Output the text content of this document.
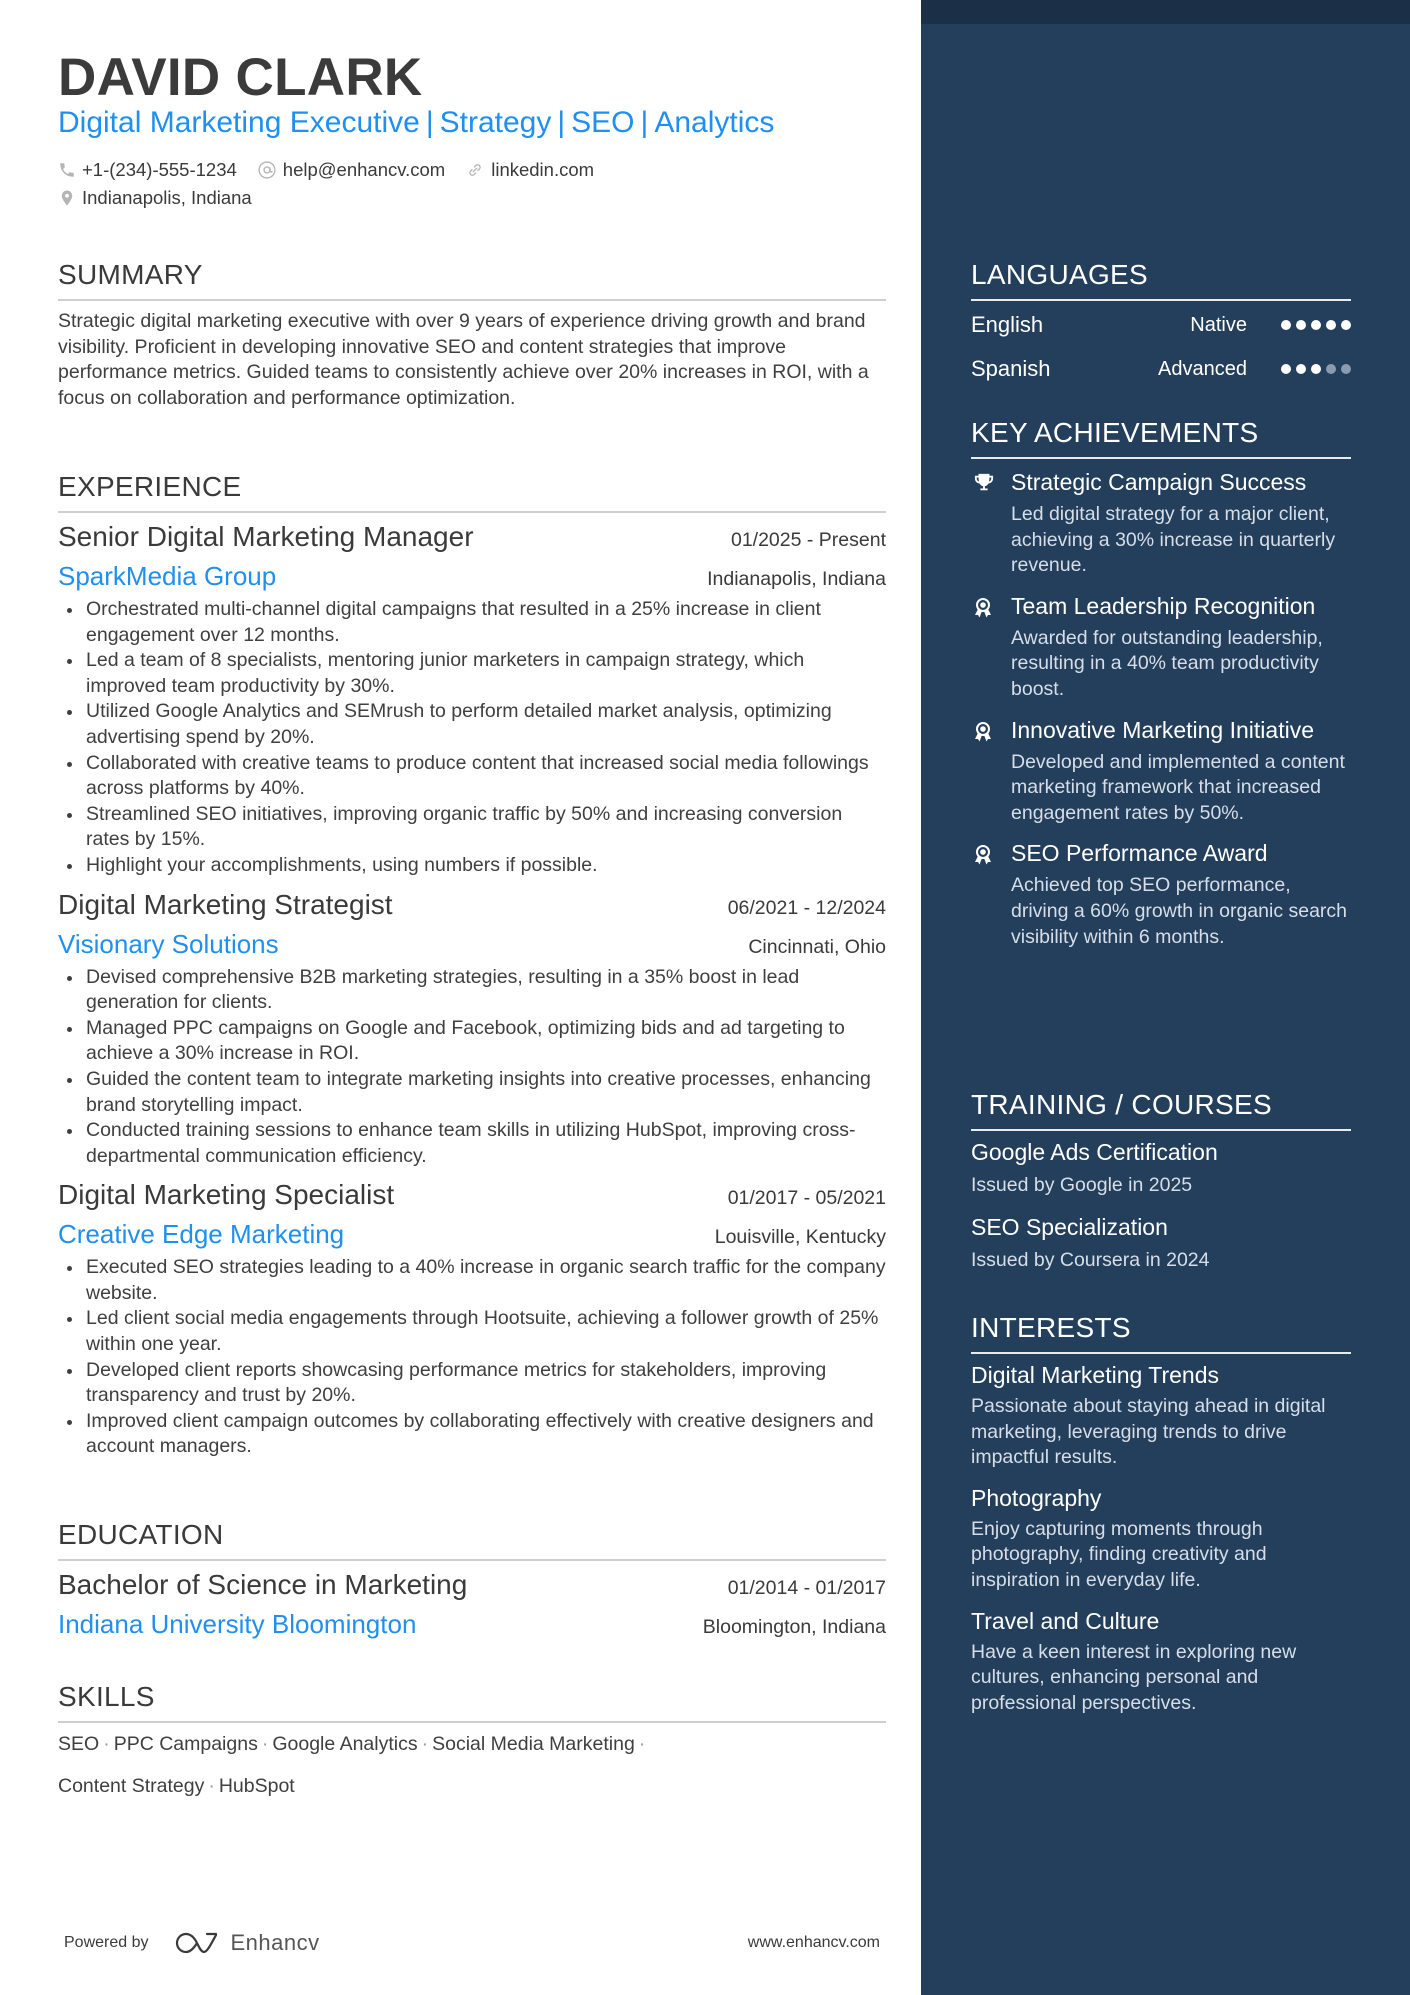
DAVID CLARK
Digital Marketing Executive | Strategy | SEO | Analytics
+1-(234)-555-1234 help@enhancv.com linkedin.com
Indianapolis, Indiana
SUMMARY
Strategic digital marketing executive with over 9 years of experience driving growth and brand visibility. Proficient in developing innovative SEO and content strategies that improve performance metrics. Guided teams to consistently achieve over 20% increases in ROI, with a focus on collaboration and performance optimization.
EXPERIENCE
Senior Digital Marketing Manager	01/2025 - Present
SparkMedia Group	Indianapolis, Indiana
Orchestrated multi-channel digital campaigns that resulted in a 25% increase in client engagement over 12 months.
Led a team of 8 specialists, mentoring junior marketers in campaign strategy, which improved team productivity by 30%.
Utilized Google Analytics and SEMrush to perform detailed market analysis, optimizing advertising spend by 20%.
Collaborated with creative teams to produce content that increased social media followings across platforms by 40%.
Streamlined SEO initiatives, improving organic traffic by 50% and increasing conversion rates by 15%.
Highlight your accomplishments, using numbers if possible.
Digital Marketing Strategist	06/2021 - 12/2024
Visionary Solutions	Cincinnati, Ohio
Devised comprehensive B2B marketing strategies, resulting in a 35% boost in lead generation for clients.
Managed PPC campaigns on Google and Facebook, optimizing bids and ad targeting to achieve a 30% increase in ROI.
Guided the content team to integrate marketing insights into creative processes, enhancing brand storytelling impact.
Conducted training sessions to enhance team skills in utilizing HubSpot, improving cross-departmental communication efficiency.
Digital Marketing Specialist	01/2017 - 05/2021
Creative Edge Marketing	Louisville, Kentucky
Executed SEO strategies leading to a 40% increase in organic search traffic for the company website.
Led client social media engagements through Hootsuite, achieving a follower growth of 25% within one year.
Developed client reports showcasing performance metrics for stakeholders, improving transparency and trust by 20%.
Improved client campaign outcomes by collaborating effectively with creative designers and account managers.
EDUCATION
Bachelor of Science in Marketing	01/2014 - 01/2017
Indiana University Bloomington	Bloomington, Indiana
SKILLS
SEO · PPC Campaigns · Google Analytics · Social Media Marketing ·
Content Strategy · HubSpot
Powered by	Enhancv	www.enhancv.com
LANGUAGES
English	Native
Spanish	Advanced
KEY ACHIEVEMENTS
Strategic Campaign Success
Led digital strategy for a major client, achieving a 30% increase in quarterly revenue.
Team Leadership Recognition
Awarded for outstanding leadership, resulting in a 40% team productivity boost.
Innovative Marketing Initiative
Developed and implemented a content marketing framework that increased engagement rates by 50%.
SEO Performance Award
Achieved top SEO performance, driving a 60% growth in organic search visibility within 6 months.
TRAINING / COURSES
Google Ads Certification
Issued by Google in 2025
SEO Specialization
Issued by Coursera in 2024
INTERESTS
Digital Marketing Trends
Passionate about staying ahead in digital marketing, leveraging trends to drive impactful results.
Photography
Enjoy capturing moments through photography, finding creativity and inspiration in everyday life.
Travel and Culture
Have a keen interest in exploring new cultures, enhancing personal and professional perspectives.
